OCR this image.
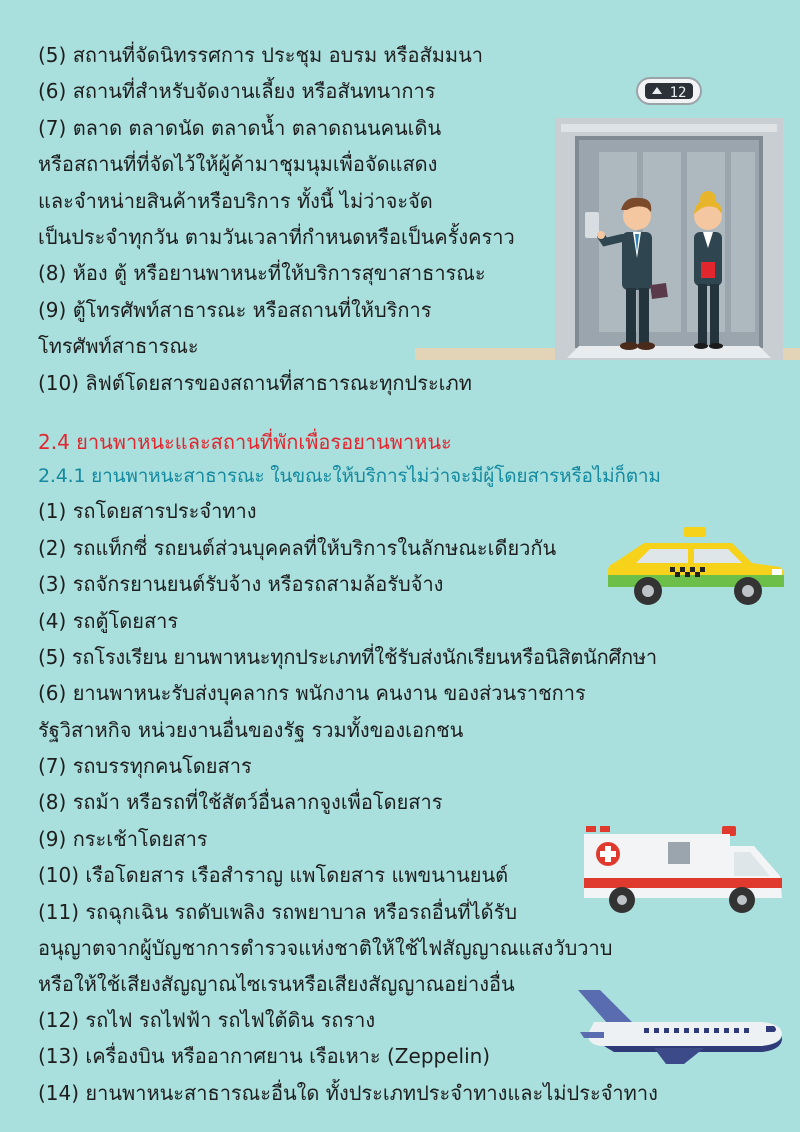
(5) สถานที่จัดนิทรรศการ ประชุม อบรม หรือสัมมนา
(6) สถานที่สำหรับจัดงานเลี้ยง หรือสันทนาการ
(7) ตลาด ตลาดนัด ตลาดน้ำ ตลาดถนนคนเดิน
หรือสถานที่ที่จัดไว้ให้ผู้ค้ามาชุมนุมเพื่อจัดแสดง
และจำหน่ายสินค้าหรือบริการ ทั้งนี้ ไม่ว่าจะจัด
เป็นประจำทุกวัน ตามวันเวลาที่กำหนดหรือเป็นครั้งคราว
(8) ห้อง ตู้ หรือยานพาหนะที่ให้บริการสุขาสาธารณะ
(9) ตู้โทรศัพท์สาธารณะ หรือสถานที่ให้บริการ
โทรศัพท์สาธารณะ
(10) ลิฟต์โดยสารของสถานที่สาธารณะทุกประเภท
2.4 ยานพาหนะและสถานที่พักเพื่อรอยานพาหนะ
2.4.1 ยานพาหนะสาธารณะ ในขณะให้บริการไม่ว่าจะมีผู้โดยสารหรือไม่ก็ตาม
(1) รถโดยสารประจำทาง
(2) รถแท็กซี่ รถยนต์ส่วนบุคคลที่ให้บริการในลักษณะเดียวกัน
(3) รถจักรยานยนต์รับจ้าง หรือรถสามล้อรับจ้าง
(4) รถตู้โดยสาร
(5) รถโรงเรียน ยานพาหนะทุกประเภทที่ใช้รับส่งนักเรียนหรือนิสิตนักศึกษา
(6) ยานพาหนะรับส่งบุคลากร พนักงาน คนงาน ของส่วนราชการ
รัฐวิสาหกิจ หน่วยงานอื่นของรัฐ รวมทั้งของเอกชน
(7) รถบรรทุกคนโดยสาร
(8) รถม้า หรือรถที่ใช้สัตว์อื่นลากจูงเพื่อโดยสาร
(9) กระเช้าโดยสาร
(10) เรือโดยสาร เรือสำราญ แพโดยสาร แพขนานยนต์
(11) รถฉุกเฉิน รถดับเพลิง รถพยาบาล หรือรถอื่นที่ได้รับ
อนุญาตจากผู้บัญชาการตำรวจแห่งชาติให้ใช้ไฟสัญญาณแสงวับวาบ
หรือให้ใช้เสียงสัญญาณไซเรนหรือเสียงสัญญาณอย่างอื่น
(12) รถไฟ รถไฟฟ้า รถไฟใต้ดิน รถราง
(13) เครื่องบิน หรืออากาศยาน เรือเหาะ (Zeppelin)
(14) ยานพาหนะสาธารณะอื่นใด ทั้งประเภทประจำทางและไม่ประจำทาง
12
